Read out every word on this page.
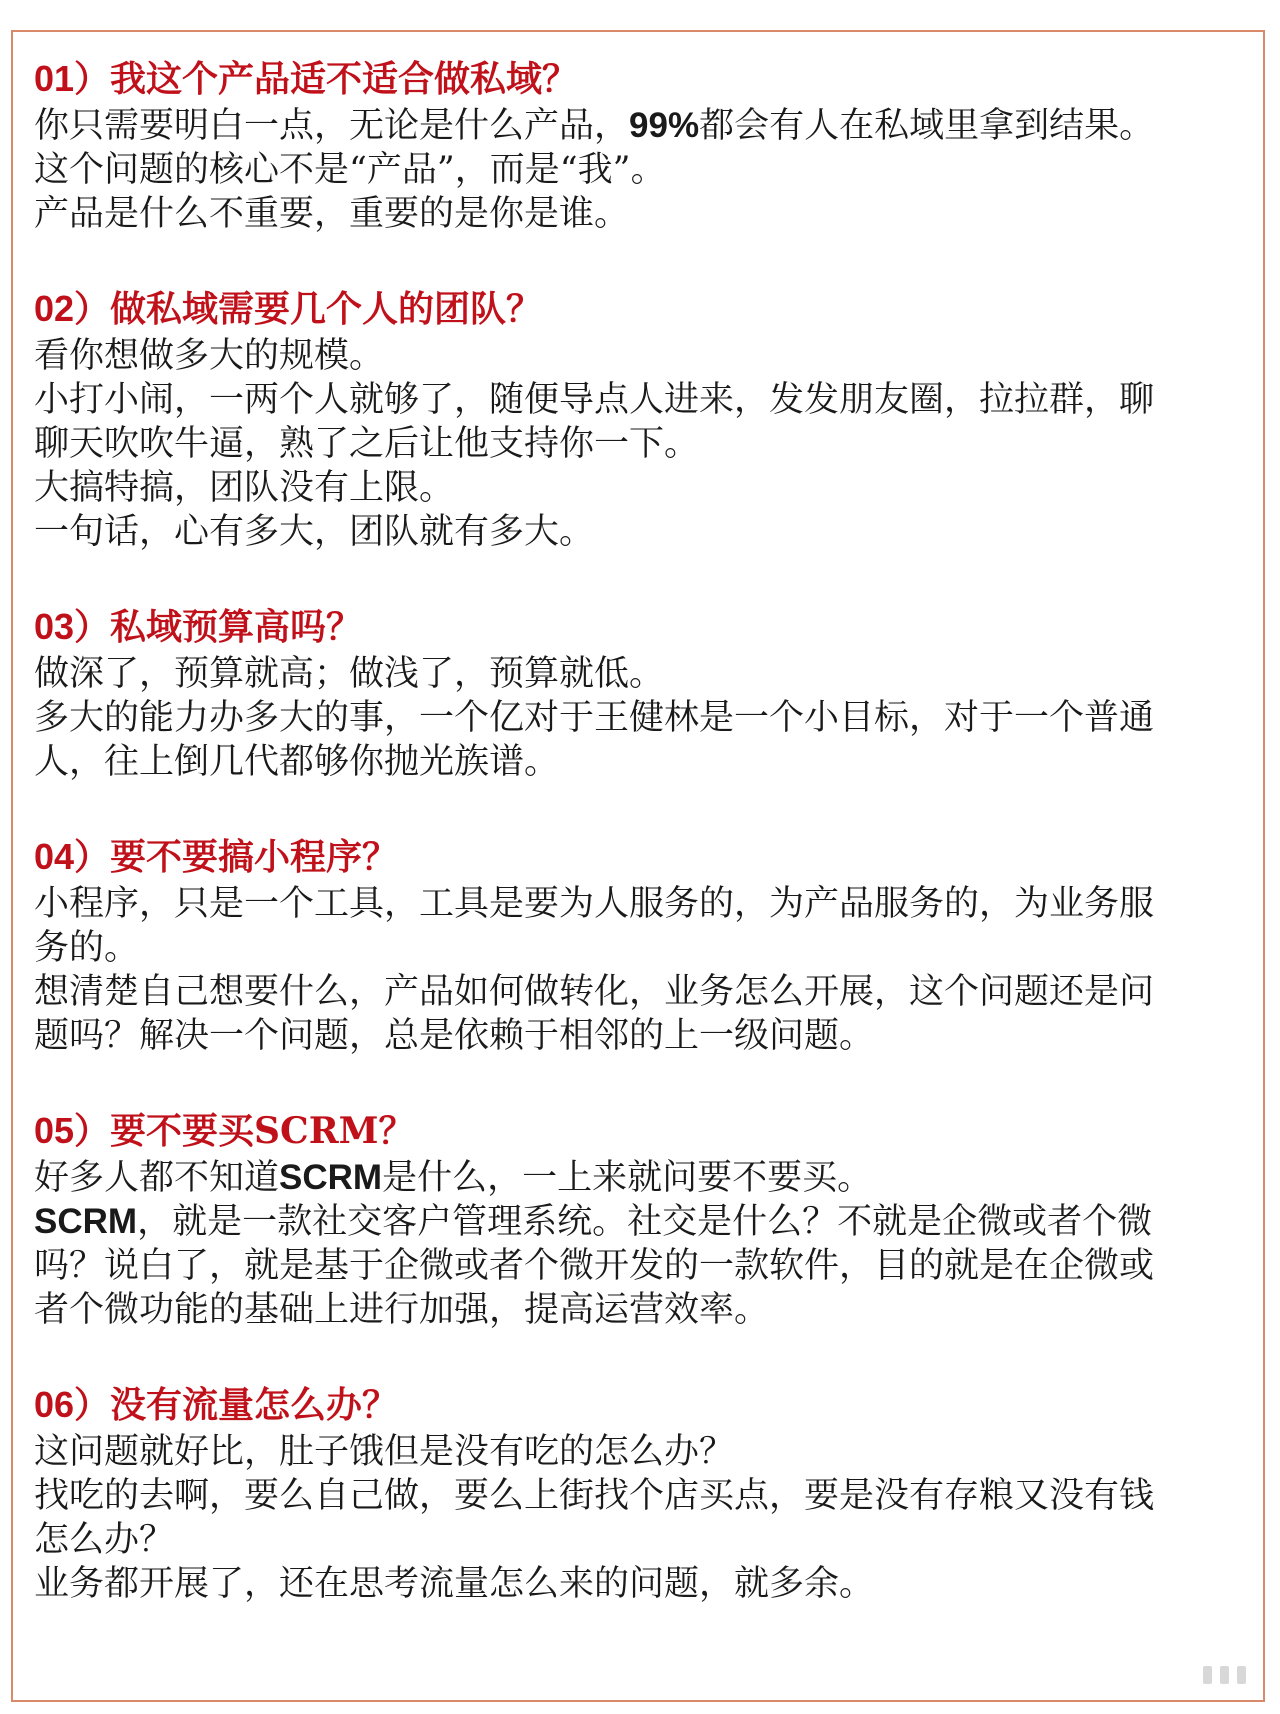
01）我这个产品适不适合做私域？
你只需要明白一点，无论是什么产品，99%都会有人在私域里拿到结果。
这个问题的核心不是“产品”，而是“我”。
产品是什么不重要，重要的是你是谁。
02）做私域需要几个人的团队？
看你想做多大的规模。
小打小闹，一两个人就够了，随便导点人进来，发发朋友圈，拉拉群，聊
聊天吹吹牛逼，熟了之后让他支持你一下。
大搞特搞，团队没有上限。
一句话，心有多大，团队就有多大。
03）私域预算高吗？
做深了，预算就高；做浅了，预算就低。
多大的能力办多大的事，一个亿对于王健林是一个小目标，对于一个普通
人，往上倒几代都够你抛光族谱。
04）要不要搞小程序？
小程序，只是一个工具，工具是要为人服务的，为产品服务的，为业务服
务的。
想清楚自己想要什么，产品如何做转化，业务怎么开展，这个问题还是问
题吗？解决一个问题，总是依赖于相邻的上一级问题。
05）要不要买SCRM？
好多人都不知道SCRM是什么，一上来就问要不要买。
SCRM，就是一款社交客户管理系统。社交是什么？不就是企微或者个微
吗？说白了，就是基于企微或者个微开发的一款软件，目的就是在企微或
者个微功能的基础上进行加强，提高运营效率。
06）没有流量怎么办？
这问题就好比，肚子饿但是没有吃的怎么办？
找吃的去啊，要么自己做，要么上街找个店买点，要是没有存粮又没有钱
怎么办？
业务都开展了，还在思考流量怎么来的问题，就多余。
